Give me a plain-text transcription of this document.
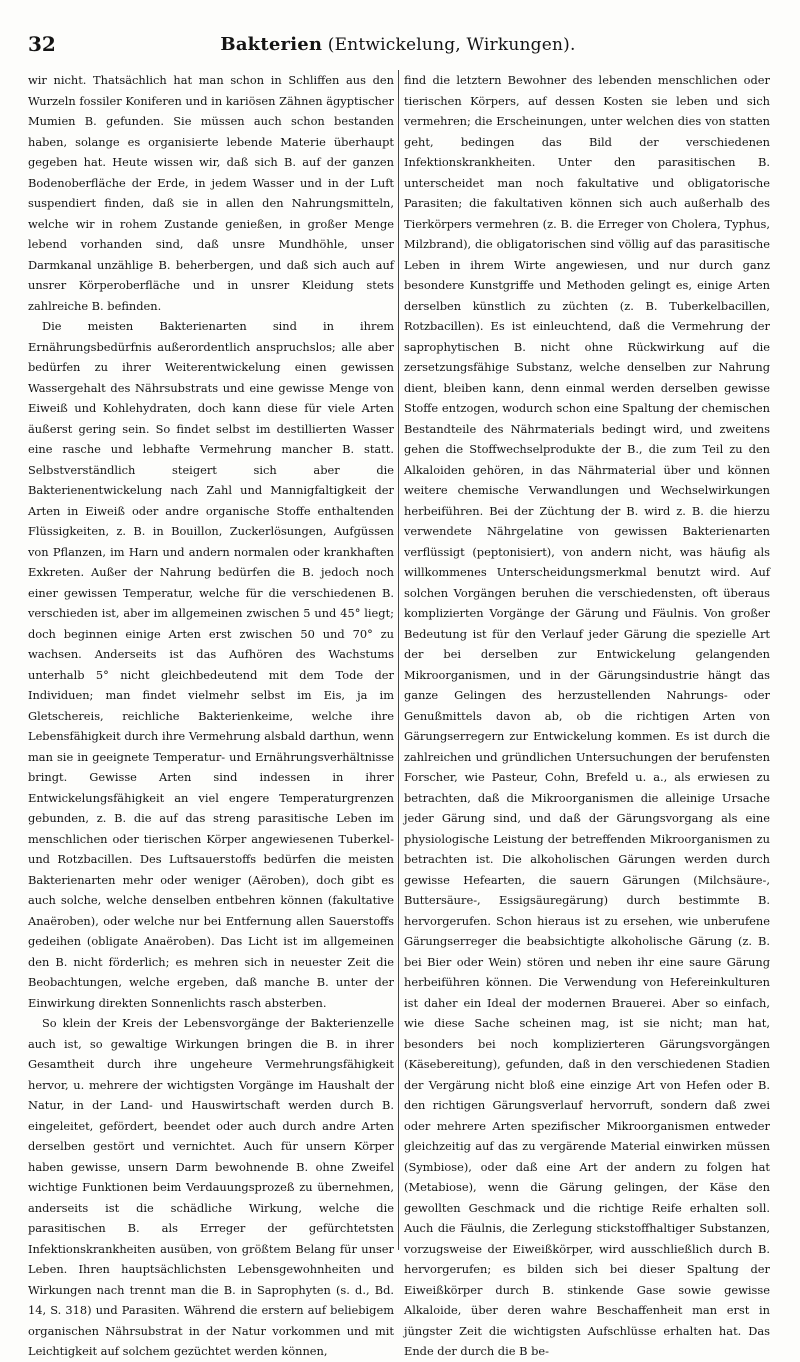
32	Bakterien (Entwickelung, Wirkungen).

wir nicht. Thatsächlich hat man schon in Schliffen aus den Wurzeln fossiler Koniferen und in kariösen Zähnen ägyptischer Mumien B. gefunden. Sie müssen auch schon bestanden haben, solange es organisierte lebende Materie überhaupt gegeben hat. Heute wissen wir, daß sich B. auf der ganzen Bodenoberfläche der Erde, in jedem Wasser und in der Luft suspendiert finden, daß sie in allen den Nahrungsmitteln, welche wir in rohem Zustande genießen, in großer Menge lebend vorhanden sind, daß unsre Mundhöhle, unser Darmkanal unzählige B. beherbergen, und daß sich auch auf unsrer Körperoberfläche und in unsrer Kleidung stets zahlreiche B. befinden.

Die meisten Bakterienarten sind in ihrem Ernährungsbedürfnis außerordentlich anspruchslos; alle aber bedürfen zu ihrer Weiterentwickelung einen gewissen Wassergehalt des Nährsubstrats und eine gewisse Menge von Eiweiß und Kohlehydraten, doch kann diese für viele Arten äußerst gering sein. So findet selbst im destillierten Wasser eine rasche und lebhafte Vermehrung mancher B. statt. Selbstverständlich steigert sich aber die Bakterienentwickelung nach Zahl und Mannigfaltigkeit der Arten in Eiweiß oder andre organische Stoffe enthaltenden Flüssigkeiten, z. B. in Bouillon, Zuckerlösungen, Aufgüssen von Pflanzen, im Harn und andern normalen oder krankhaften Exkreten. Außer der Nahrung bedürfen die B. jedoch noch einer gewissen Temperatur, welche für die verschiedenen B. verschieden ist, aber im allgemeinen zwischen 5 und 45° liegt; doch beginnen einige Arten erst zwischen 50 und 70° zu wachsen. Anderseits ist das Aufhören des Wachstums unterhalb 5° nicht gleichbedeutend mit dem Tode der Individuen; man findet vielmehr selbst im Eis, ja im Gletschereis, reichliche Bakterienkeime, welche ihre Lebensfähigkeit durch ihre Vermehrung alsbald darthun, wenn man sie in geeignete Temperatur- und Ernährungsverhältnisse bringt. Gewisse Arten sind indessen in ihrer Entwickelungsfähigkeit an viel engere Temperaturgrenzen gebunden, z. B. die auf das streng parasitische Leben im menschlichen oder tierischen Körper angewiesenen Tuberkel- und Rotzbacillen. Des Luftsauerstoffs bedürfen die meisten Bakterienarten mehr oder weniger (Aëroben), doch gibt es auch solche, welche denselben entbehren können (fakultative Anaëroben), oder welche nur bei Entfernung allen Sauerstoffs gedeihen (obligate Anaëroben). Das Licht ist im allgemeinen den B. nicht förderlich; es mehren sich in neuester Zeit die Beobachtungen, welche ergeben, daß manche B. unter der Einwirkung direkten Sonnenlichts rasch absterben.

So klein der Kreis der Lebensvorgänge der Bakterienzelle auch ist, so gewaltige Wirkungen bringen die B. in ihrer Gesamtheit durch ihre ungeheure Vermehrungsfähigkeit hervor, u. mehrere der wichtigsten Vorgänge im Haushalt der Natur, in der Land- und Hauswirtschaft werden durch B. eingeleitet, gefördert, beendet oder auch durch andre Arten derselben gestört und vernichtet. Auch für unsern Körper haben gewisse, unsern Darm bewohnende B. ohne Zweifel wichtige Funktionen beim Verdauungsprozeß zu übernehmen, anderseits ist die schädliche Wirkung, welche die parasitischen B. als Erreger der gefürchtetsten Infektionskrankheiten ausüben, von größtem Belang für unser Leben. Ihren hauptsächlichsten Lebensgewohnheiten und Wirkungen nach trennt man die B. in Saprophyten (s. d., Bd. 14, S. 318) und Parasiten. Während die erstern auf beliebigem organischen Nährsubstrat in der Natur vorkommen und mit Leichtigkeit auf solchem gezüchtet werden können,

find die letztern Bewohner des lebenden menschlichen oder tierischen Körpers, auf dessen Kosten sie leben und sich vermehren; die Erscheinungen, unter welchen dies von statten geht, bedingen das Bild der verschiedenen Infektionskrankheiten. Unter den parasitischen B. unterscheidet man noch fakultative und obligatorische Parasiten; die fakultativen können sich auch außerhalb des Tierkörpers vermehren (z. B. die Erreger von Cholera, Typhus, Milzbrand), die obligatorischen sind völlig auf das parasitische Leben in ihrem Wirte angewiesen, und nur durch ganz besondere Kunstgriffe und Methoden gelingt es, einige Arten derselben künstlich zu züchten (z. B. Tuberkelbacillen, Rotzbacillen). Es ist einleuchtend, daß die Vermehrung der saprophytischen B. nicht ohne Rückwirkung auf die zersetzungsfähige Substanz, welche denselben zur Nahrung dient, bleiben kann, denn einmal werden derselben gewisse Stoffe entzogen, wodurch schon eine Spaltung der chemischen Bestandteile des Nährmaterials bedingt wird, und zweitens gehen die Stoffwechselprodukte der B., die zum Teil zu den Alkaloiden gehören, in das Nährmaterial über und können weitere chemische Verwandlungen und Wechselwirkungen herbeiführen. Bei der Züchtung der B. wird z. B. die hierzu verwendete Nährgelatine von gewissen Bakterienarten verflüssigt (peptonisiert), von andern nicht, was häufig als willkommenes Unterscheidungsmerkmal benutzt wird. Auf solchen Vorgängen beruhen die verschiedensten, oft überaus komplizierten Vorgänge der Gärung und Fäulnis. Von großer Bedeutung ist für den Verlauf jeder Gärung die spezielle Art der bei derselben zur Entwickelung gelangenden Mikroorganismen, und in der Gärungsindustrie hängt das ganze Gelingen des herzustellenden Nahrungs- oder Genußmittels davon ab, ob die richtigen Arten von Gärungserregern zur Entwickelung kommen. Es ist durch die zahlreichen und gründlichen Untersuchungen der berufensten Forscher, wie Pasteur, Cohn, Brefeld u. a., als erwiesen zu betrachten, daß die Mikroorganismen die alleinige Ursache jeder Gärung sind, und daß der Gärungsvorgang als eine physiologische Leistung der betreffenden Mikroorganismen zu betrachten ist. Die alkoholischen Gärungen werden durch gewisse Hefearten, die sauern Gärungen (Milchsäure-, Buttersäure-, Essigsäuregärung) durch bestimmte B. hervorgerufen. Schon hieraus ist zu ersehen, wie unberufene Gärungserreger die beabsichtigte alkoholische Gärung (z. B. bei Bier oder Wein) stören und neben ihr eine saure Gärung herbeiführen können. Die Verwendung von Hefereinkulturen ist daher ein Ideal der modernen Brauerei. Aber so einfach, wie diese Sache scheinen mag, ist sie nicht; man hat, besonders bei noch komplizierteren Gärungsvorgängen (Käsebereitung), gefunden, daß in den verschiedenen Stadien der Vergärung nicht bloß eine einzige Art von Hefen oder B. den richtigen Gärungsverlauf hervorruft, sondern daß zwei oder mehrere Arten spezifischer Mikroorganismen entweder gleichzeitig auf das zu vergärende Material einwirken müssen (Symbiose), oder daß eine Art der andern zu folgen hat (Metabiose), wenn die Gärung gelingen, der Käse den gewollten Geschmack und die richtige Reife erhalten soll. Auch die Fäulnis, die Zerlegung stickstoffhaltiger Substanzen, vorzugsweise der Eiweißkörper, wird ausschließlich durch B. hervorgerufen; es bilden sich bei dieser Spaltung der Eiweißkörper durch B. stinkende Gase sowie gewisse Alkaloide, über deren wahre Beschaffenheit man erst in jüngster Zeit die wichtigsten Aufschlüsse erhalten hat. Das Ende der durch die B be-
